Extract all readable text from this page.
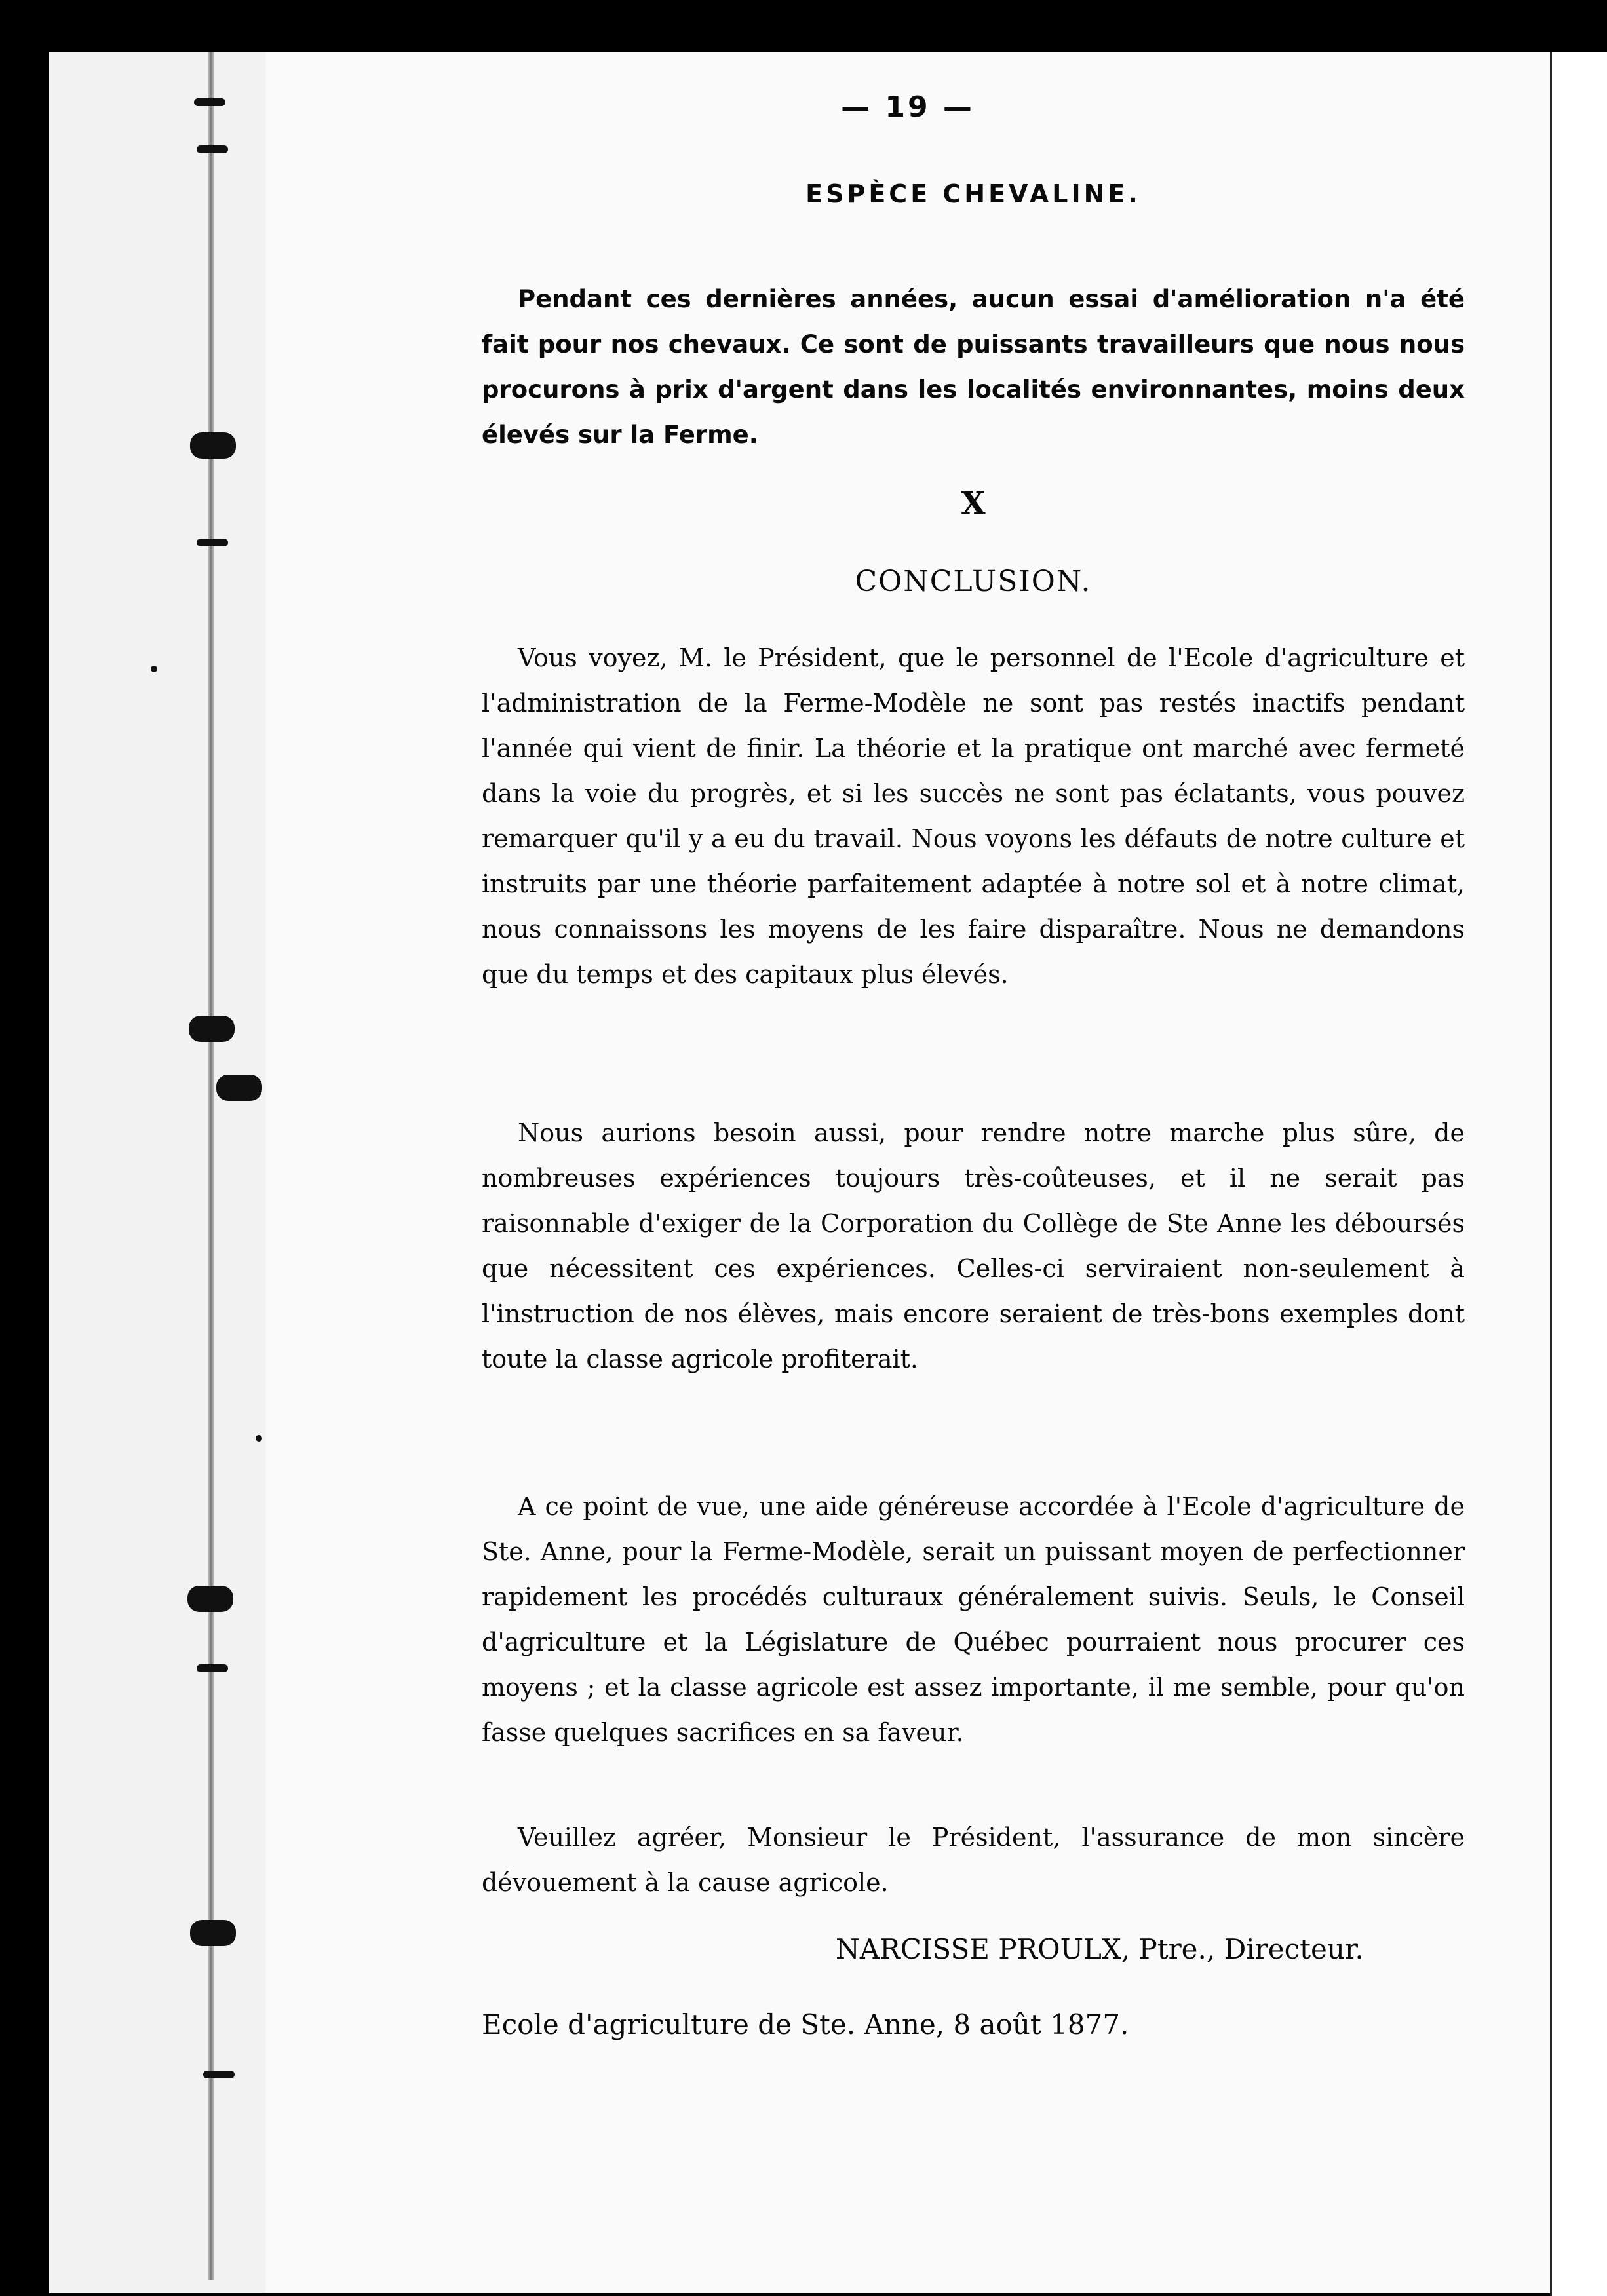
— 19 —
ESPÈCE CHEVALINE.

Pendant ces dernières années, aucun essai d'amélioration n'a été fait pour nos chevaux. Ce sont de puissants travailleurs que nous nous procurons à prix d'argent dans les localités environnantes, moins deux élevés sur la Ferme.

X
CONCLUSION.

Vous voyez, M. le Président, que le personnel de l'Ecole d'agriculture et l'administration de la Ferme-Modèle ne sont pas restés inactifs pendant l'année qui vient de finir. La théorie et la pratique ont marché avec fermeté dans la voie du progrès, et si les succès ne sont pas éclatants, vous pouvez remarquer qu'il y a eu du travail. Nous voyons les défauts de notre culture et instruits par une théorie parfaitement adaptée à notre sol et à notre climat, nous connaissons les moyens de les faire disparaître. Nous ne demandons que du temps et des capitaux plus élevés.

Nous aurions besoin aussi, pour rendre notre marche plus sûre, de nombreuses expériences toujours très-coûteuses, et il ne serait pas raisonnable d'exiger de la Corporation du Collège de Ste Anne les déboursés que nécessitent ces expériences. Celles-ci serviraient non-seulement à l'instruction de nos élèves, mais encore seraient de très-bons exemples dont toute la classe agricole profiterait.

A ce point de vue, une aide généreuse accordée à l'Ecole d'agriculture de Ste. Anne, pour la Ferme-Modèle, serait un puissant moyen de perfectionner rapidement les procédés culturaux généralement suivis. Seuls, le Conseil d'agriculture et la Législature de Québec pourraient nous procurer ces moyens ; et la classe agricole est assez importante, il me semble, pour qu'on fasse quelques sacrifices en sa faveur.

Veuillez agréer, Monsieur le Président, l'assurance de mon sincère dévouement à la cause agricole.

NARCISSE PROULX, Ptre., Directeur.
Ecole d'agriculture de Ste. Anne, 8 août 1877.
